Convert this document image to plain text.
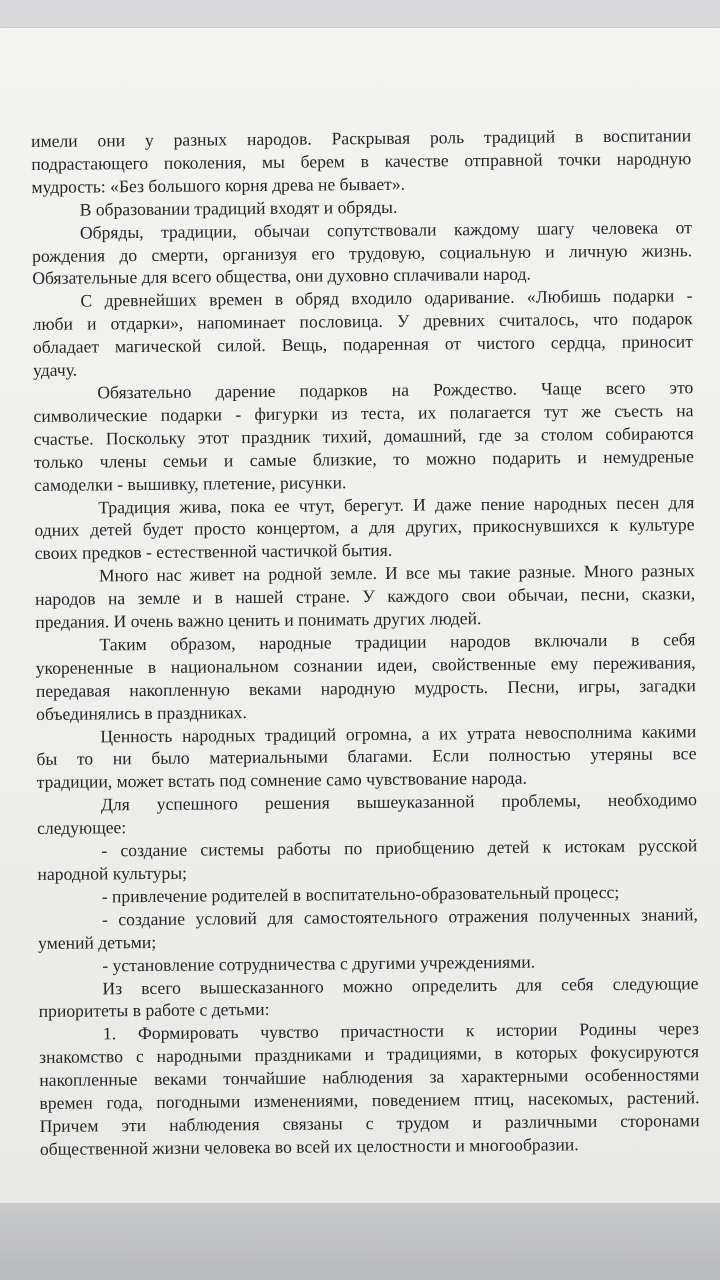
имели они у разных народов. Раскрывая роль традиций в воспитании
подрастающего поколения, мы берем в качестве отправной точки народную
мудрость: «Без большого корня древа не бывает».
В образовании традиций входят и обряды.
Обряды, традиции, обычаи сопутствовали каждому шагу человека от
рождения до смерти, организуя его трудовую, социальную и личную жизнь.
Обязательные для всего общества, они духовно сплачивали народ.
С древнейших времен в обряд входило одаривание. «Любишь подарки -
люби и отдарки», напоминает пословица. У древних считалось, что подарок
обладает магической силой. Вещь, подаренная от чистого сердца, приносит
удачу.
Обязательно дарение подарков на Рождество. Чаще всего это
символические подарки - фигурки из теста, их полагается тут же съесть на
счастье. Поскольку этот праздник тихий, домашний, где за столом собираются
только члены семьи и самые близкие, то можно подарить и немудреные
самоделки - вышивку, плетение, рисунки.
Традиция жива, пока ее чтут, берегут. И даже пение народных песен для
одних детей будет просто концертом, а для других, прикоснувшихся к культуре
своих предков - естественной частичкой бытия.
Много нас живет на родной земле. И все мы такие разные. Много разных
народов на земле и в нашей стране. У каждого свои обычаи, песни, сказки,
предания. И очень важно ценить и понимать других людей.
Таким образом, народные традиции народов включали в себя
укорененные в национальном сознании идеи, свойственные ему переживания,
передавая накопленную веками народную мудрость. Песни, игры, загадки
объединялись в праздниках.
Ценность народных традиций огромна, а их утрата невосполнима какими
бы то ни было материальными благами. Если полностью утеряны все
традиции, может встать под сомнение само чувствование народа.
Для успешного решения вышеуказанной проблемы, необходимо
следующее:
- создание системы работы по приобщению детей к истокам русской
народной культуры;
- привлечение родителей в воспитательно-образовательный процесс;
- создание условий для самостоятельного отражения полученных знаний,
умений детьми;
- установление сотрудничества с другими учреждениями.
Из всего вышесказанного можно определить для себя следующие
приоритеты в работе с детьми:
1. Формировать чувство причастности к истории Родины через
знакомство с народными праздниками и традициями, в которых фокусируются
накопленные веками тончайшие наблюдения за характерными особенностями
времен года, погодными изменениями, поведением птиц, насекомых, растений.
Причем эти наблюдения связаны с трудом и различными сторонами
общественной жизни человека во всей их целостности и многообразии.
